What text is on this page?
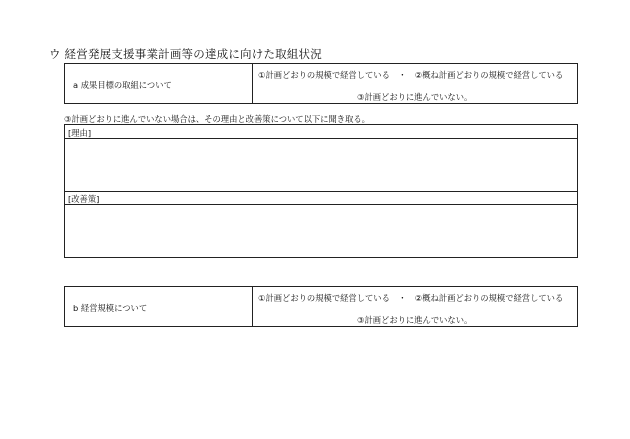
ウ 経営発展支援事業計画等の達成に向けた取組状況
a 成果目標の取組について
①計画どおりの規模で経営している　・　②概ね計画どおりの規模で経営している
③計画どおりに進んでいない。
③計画どおりに進んでいない場合は、その理由と改善策について以下に聞き取る。
[理由]
[改善策]
b 経営規模について
①計画どおりの規模で経営している　・　②概ね計画どおりの規模で経営している
③計画どおりに進んでいない。
